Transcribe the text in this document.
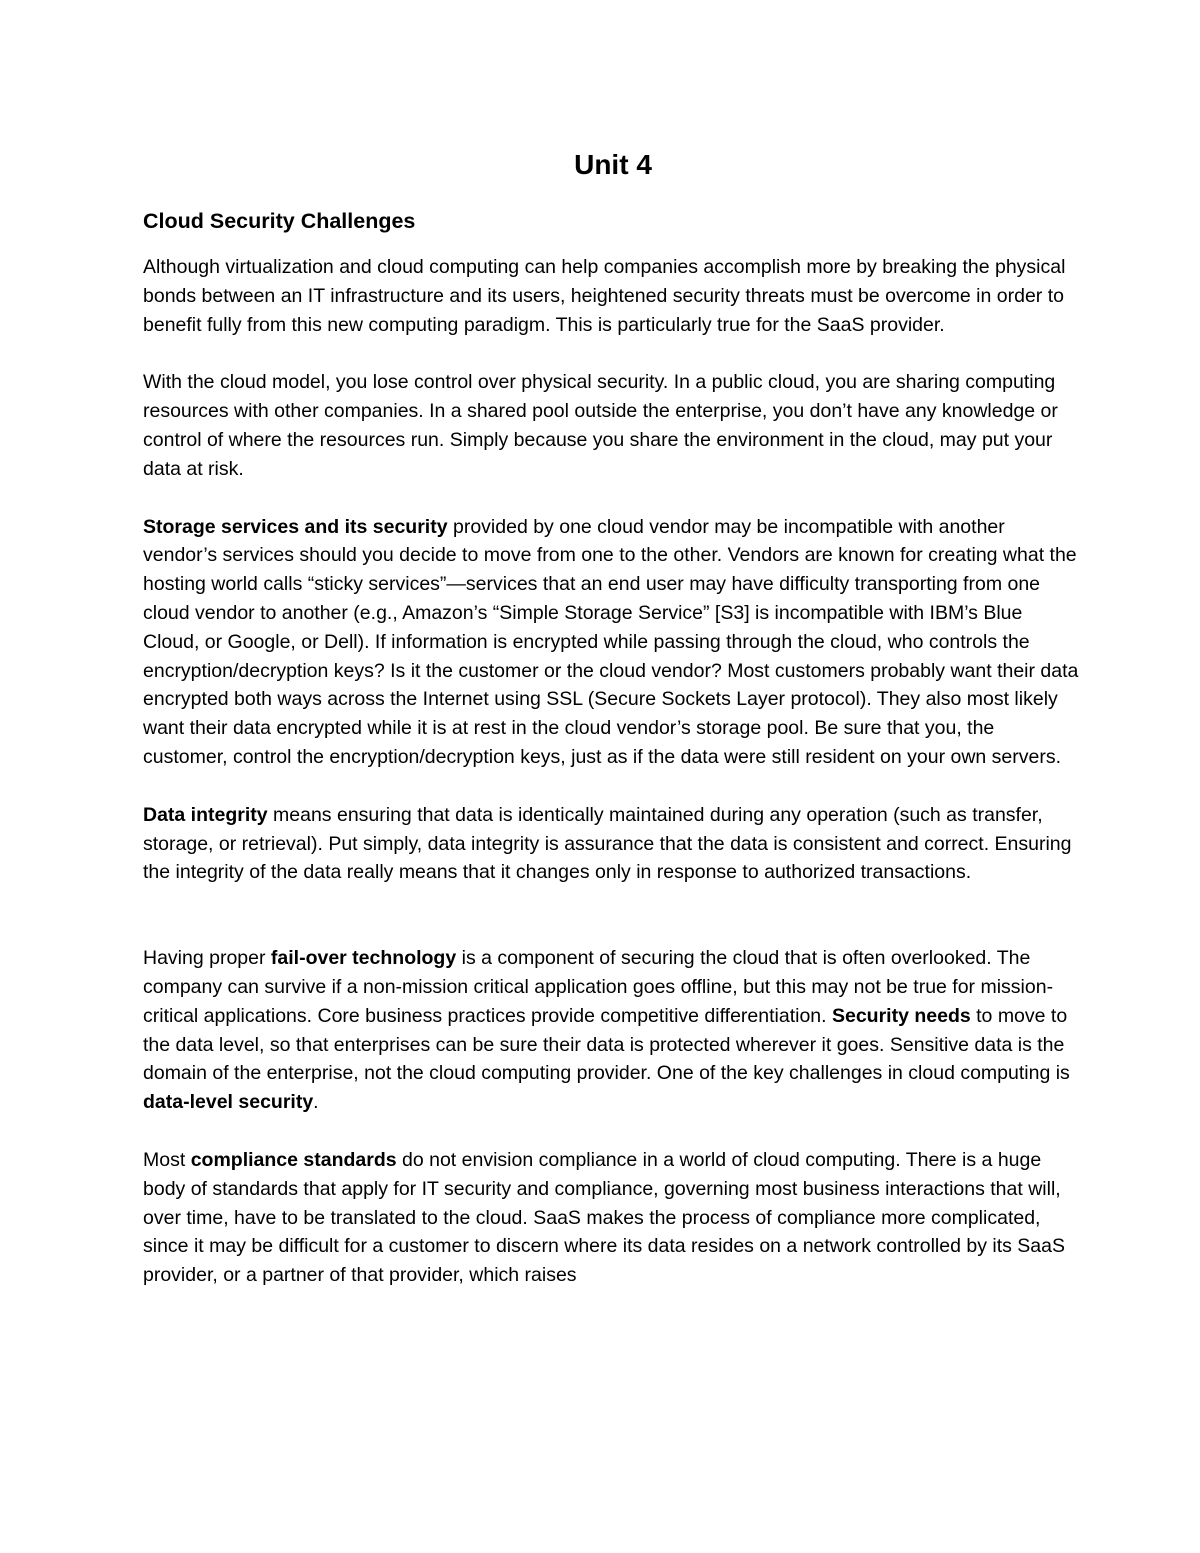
Unit 4
Cloud Security Challenges

Although virtualization and cloud computing can help companies accomplish more by breaking the physical bonds between an IT infrastructure and its users, heightened security threats must be overcome in order to benefit fully from this new computing paradigm. This is particularly true for the SaaS provider.

With the cloud model, you lose control over physical security. In a public cloud, you are sharing computing resources with other companies. In a shared pool outside the enterprise, you don’t have any knowledge or control of where the resources run. Simply because you share the environment in the cloud, may put your data at risk.

Storage services and its security provided by one cloud vendor may be incompatible with another vendor’s services should you decide to move from one to the other. Vendors are known for creating what the hosting world calls “sticky services”—services that an end user may have difficulty transporting from one cloud vendor to another (e.g., Amazon’s “Simple Storage Service” [S3] is incompatible with IBM’s Blue Cloud, or Google, or Dell). If information is encrypted while passing through the cloud, who controls the encryption/decryption keys? Is it the customer or the cloud vendor? Most customers probably want their data encrypted both ways across the Internet using SSL (Secure Sockets Layer protocol). They also most likely want their data encrypted while it is at rest in the cloud vendor’s storage pool. Be sure that you, the customer, control the encryption/decryption keys, just as if the data were still resident on your own servers.

Data integrity means ensuring that data is identically maintained during any operation (such as transfer, storage, or retrieval). Put simply, data integrity is assurance that the data is consistent and correct. Ensuring the integrity of the data really means that it changes only in response to authorized transactions.

Having proper fail-over technology is a component of securing the cloud that is often overlooked. The company can survive if a non-mission critical application goes offline, but this may not be true for mission-critical applications. Core business practices provide competitive differentiation. Security needs to move to the data level, so that enterprises can be sure their data is protected wherever it goes. Sensitive data is the domain of the enterprise, not the cloud computing provider. One of the key challenges in cloud computing is data-level security.

Most compliance standards do not envision compliance in a world of cloud computing. There is a huge body of standards that apply for IT security and compliance, governing most business interactions that will, over time, have to be translated to the cloud. SaaS makes the process of compliance more complicated, since it may be difficult for a customer to discern where its data resides on a network controlled by its SaaS provider, or a partner of that provider, which raises
